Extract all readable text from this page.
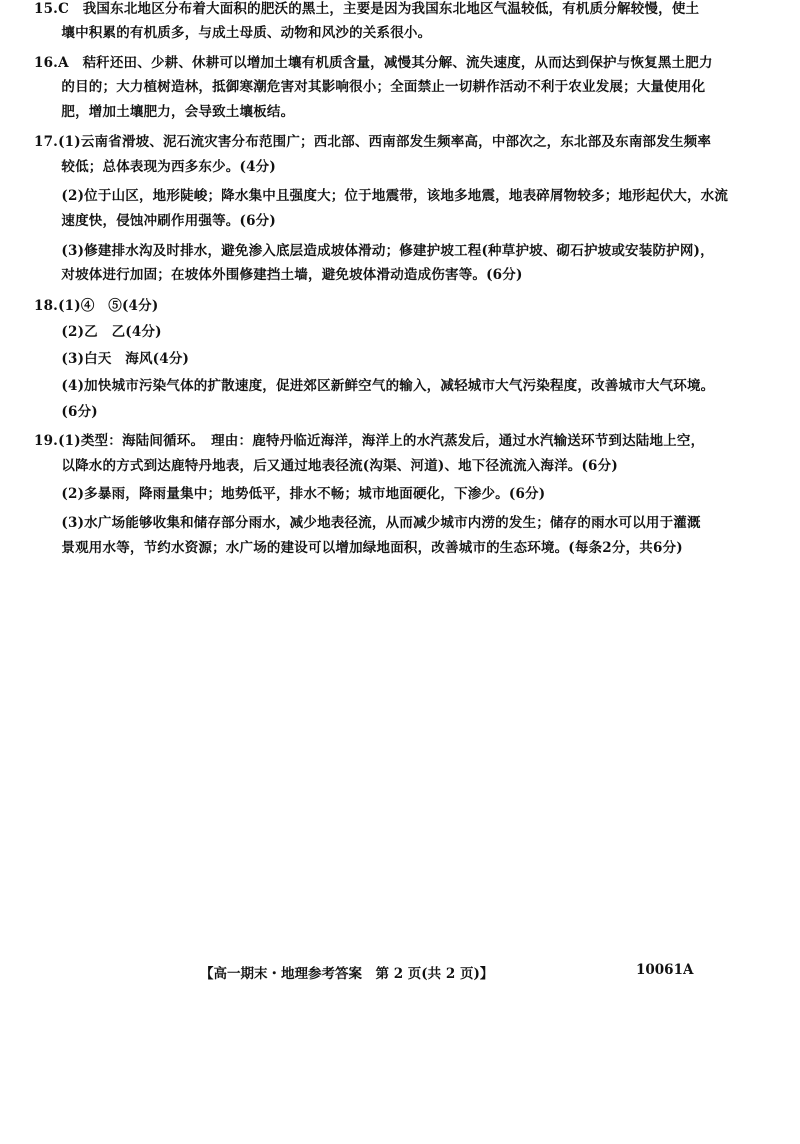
15.C　我国东北地区分布着大面积的肥沃的黑土，主要是因为我国东北地区气温较低，有机质分解较慢，使土
　　壤中积累的有机质多，与成土母质、动物和风沙的关系很小。
16.A　秸秆还田、少耕、休耕可以增加土壤有机质含量，减慢其分解、流失速度，从而达到保护与恢复黑土肥力
　　的目的；大力植树造林，抵御寒潮危害对其影响很小；全面禁止一切耕作活动不利于农业发展；大量使用化
　　肥，增加土壤肥力，会导致土壤板结。
17.(1)云南省滑坡、泥石流灾害分布范围广；西北部、西南部发生频率高，中部次之，东北部及东南部发生频率
　　较低；总体表现为西多东少。(4分)
　　(2)位于山区，地形陡峻；降水集中且强度大；位于地震带，该地多地震，地表碎屑物较多；地形起伏大，水流
　　速度快，侵蚀冲刷作用强等。(6分)
　　(3)修建排水沟及时排水，避免渗入底层造成坡体滑动；修建护坡工程(种草护坡、砌石护坡或安装防护网)，
　　对坡体进行加固；在坡体外围修建挡土墙，避免坡体滑动造成伤害等。(6分)
18.(1)④　⑤(4分)
　　(2)乙　乙(4分)
　　(3)白天　海风(4分)
　　(4)加快城市污染气体的扩散速度，促进郊区新鲜空气的输入，减轻城市大气污染程度，改善城市大气环境。
　　(6分)
19.(1)类型：海陆间循环。　理由：鹿特丹临近海洋，海洋上的水汽蒸发后，通过水汽输送环节到达陆地上空，
　　以降水的方式到达鹿特丹地表，后又通过地表径流(沟渠、河道)、地下径流流入海洋。(6分)
　　(2)多暴雨，降雨量集中；地势低平，排水不畅；城市地面硬化，下渗少。(6分)
　　(3)水广场能够收集和储存部分雨水，减少地表径流，从而减少城市内涝的发生；储存的雨水可以用于灌溉
　　景观用水等，节约水资源；水广场的建设可以增加绿地面积，改善城市的生态环境。(每条2分，共6分)
【高一期末・地理参考答案　第 2 页(共 2 页)】	10061A
